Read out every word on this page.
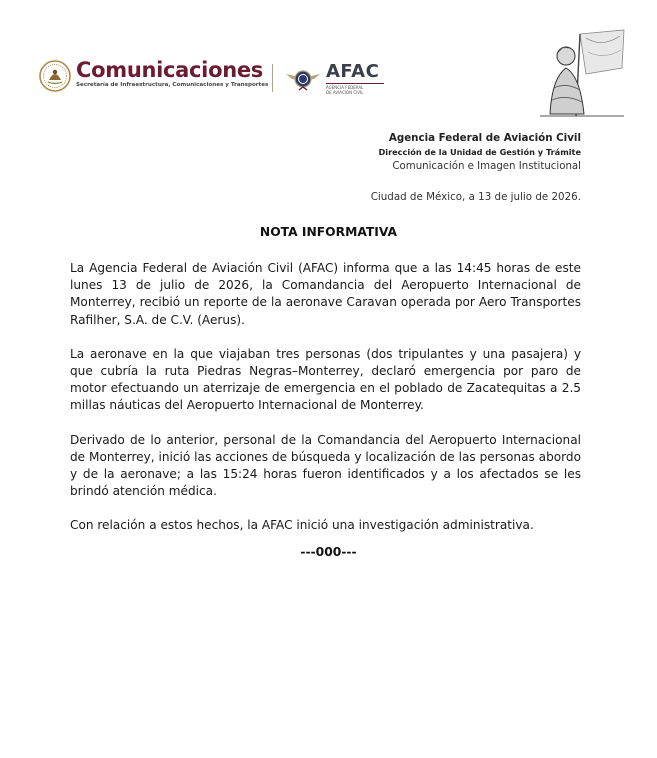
Comunicaciones
Secretaría de Infraestructura, Comunicaciones y Transportes
AFAC
AGENCIA FEDERAL
DE AVIACIÓN CIVIL
Agencia Federal de Aviación Civil
Dirección de la Unidad de Gestión y Trámite
Comunicación e Imagen Institucional
Ciudad de México, a 13 de julio de 2026.
NOTA INFORMATIVA

La Agencia Federal de Aviación Civil (AFAC) informa que a las 14:45 horas de este lunes 13 de julio de 2026, la Comandancia del Aeropuerto Internacional de Monterrey, recibió un reporte de la aeronave Caravan operada por Aero Transportes Rafilher, S.A. de C.V. (Aerus).

La aeronave en la que viajaban tres personas (dos tripulantes y una pasajera) y que cubría la ruta Piedras Negras–Monterrey, declaró emergencia por paro de motor efectuando un aterrizaje de emergencia en el poblado de Zacatequitas a 2.5 millas náuticas del Aeropuerto Internacional de Monterrey.

Derivado de lo anterior, personal de la Comandancia del Aeropuerto Internacional de Monterrey, inició las acciones de búsqueda y localización de las personas abordo y de la aeronave; a las 15:24 horas fueron identificados y a los afectados se les brindó atención médica.

Con relación a estos hechos, la AFAC inició una investigación administrativa.

---000---
